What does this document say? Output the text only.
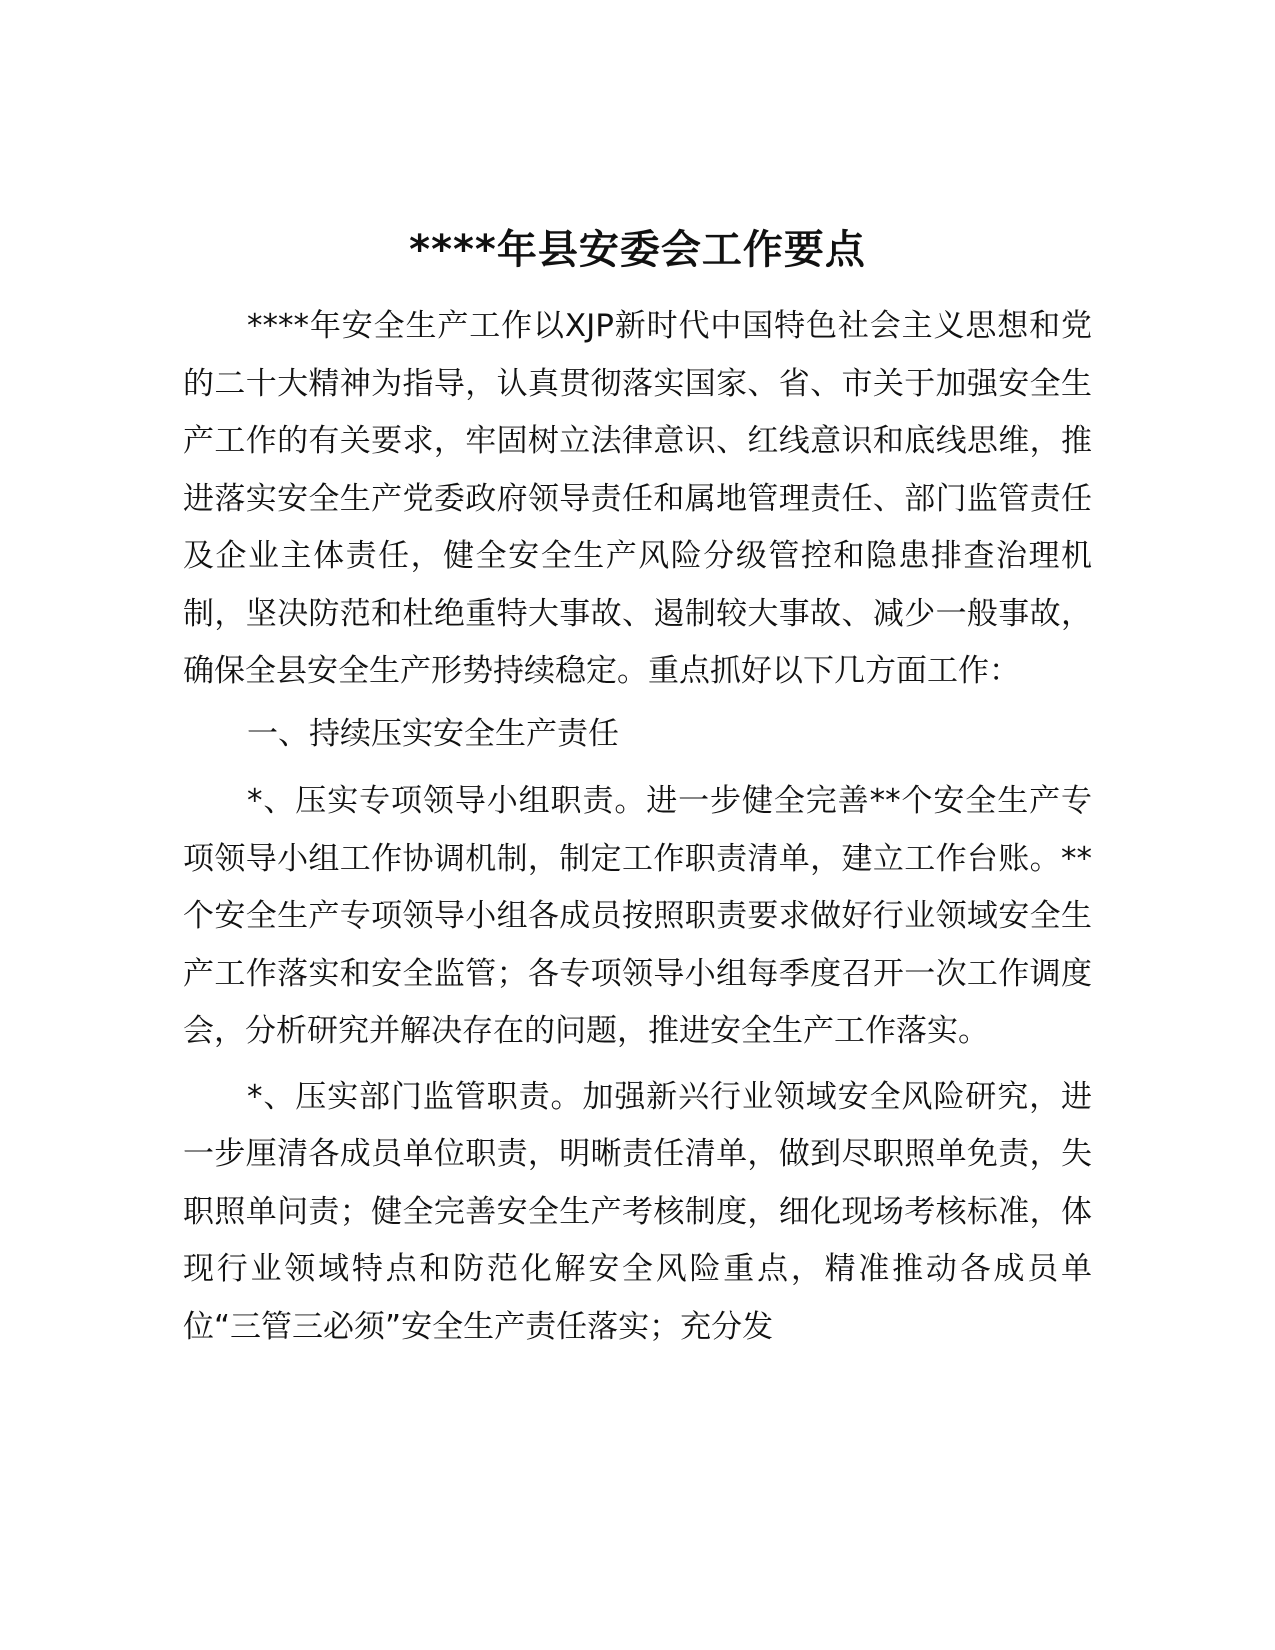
****年县安委会工作要点

****年安全生产工作以XJP新时代中国特色社会主义思想和党的二十大精神为指导，认真贯彻落实国家、省、市关于加强安全生产工作的有关要求，牢固树立法律意识、红线意识和底线思维，推进落实安全生产党委政府领导责任和属地管理责任、部门监管责任及企业主体责任，健全安全生产风险分级管控和隐患排查治理机制，坚决防范和杜绝重特大事故、遏制较大事故、减少一般事故，确保全县安全生产形势持续稳定。重点抓好以下几方面工作：

一、持续压实安全生产责任

*、压实专项领导小组职责。进一步健全完善**个安全生产专项领导小组工作协调机制，制定工作职责清单，建立工作台账。**个安全生产专项领导小组各成员按照职责要求做好行业领域安全生产工作落实和安全监管；各专项领导小组每季度召开一次工作调度会，分析研究并解决存在的问题，推进安全生产工作落实。

*、压实部门监管职责。加强新兴行业领域安全风险研究，进一步厘清各成员单位职责，明晰责任清单，做到尽职照单免责，失职照单问责；健全完善安全生产考核制度，细化现场考核标准，体现行业领域特点和防范化解安全风险重点，精准推动各成员单位“三管三必须”安全生产责任落实；充分发
